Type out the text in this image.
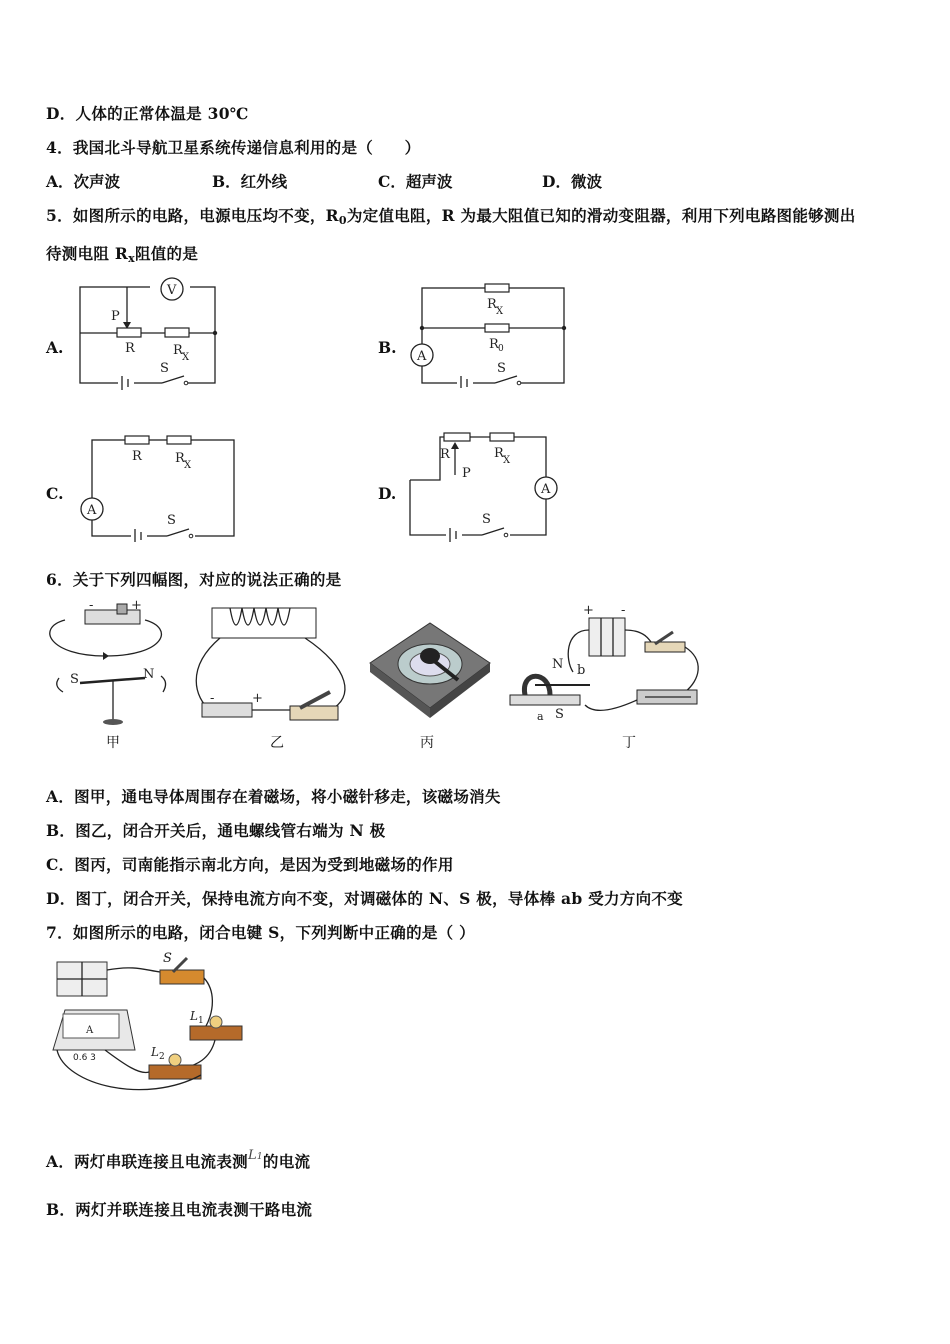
D．人体的正常体温是 30℃
4．我国北斗导航卫星系统传递信息利用的是（　　）
A．次声波	B．红外线	C．超声波	D．微波
5．如图所示的电路，电源电压均不变，$R_0$为定值电阻，R 为最大阻值已知的滑动变阻器，利用下列电路图能够测出
待测电阻 $R_x$阻值的是
A.	B.
C.	D.
V
P
R	R X
S
R X
R 0
A
S
R	R X
A
S
R
P
R X
A
S
6．关于下列四幅图，对应的说法正确的是
-	+
S	N
甲
-	+
乙	丙
+ -
N b
a S
丁
A．图甲，通电导体周围存在着磁场，将小磁针移走，该磁场消失
B．图乙，闭合开关后，通电螺线管右端为 N 极
C．图丙，司南能指示南北方向，是因为受到地磁场的作用
D．图丁，闭合开关，保持电流方向不变，对调磁体的 N、S 极，导体棒 ab 受力方向不变
7．如图所示的电路，闭合电键 S，下列判断中正确的是（ ）
S
L 1
L 2
A
0.6 3
A．两灯串联连接且电流表测$^{L1}$的电流
B．两灯并联连接且电流表测干路电流
